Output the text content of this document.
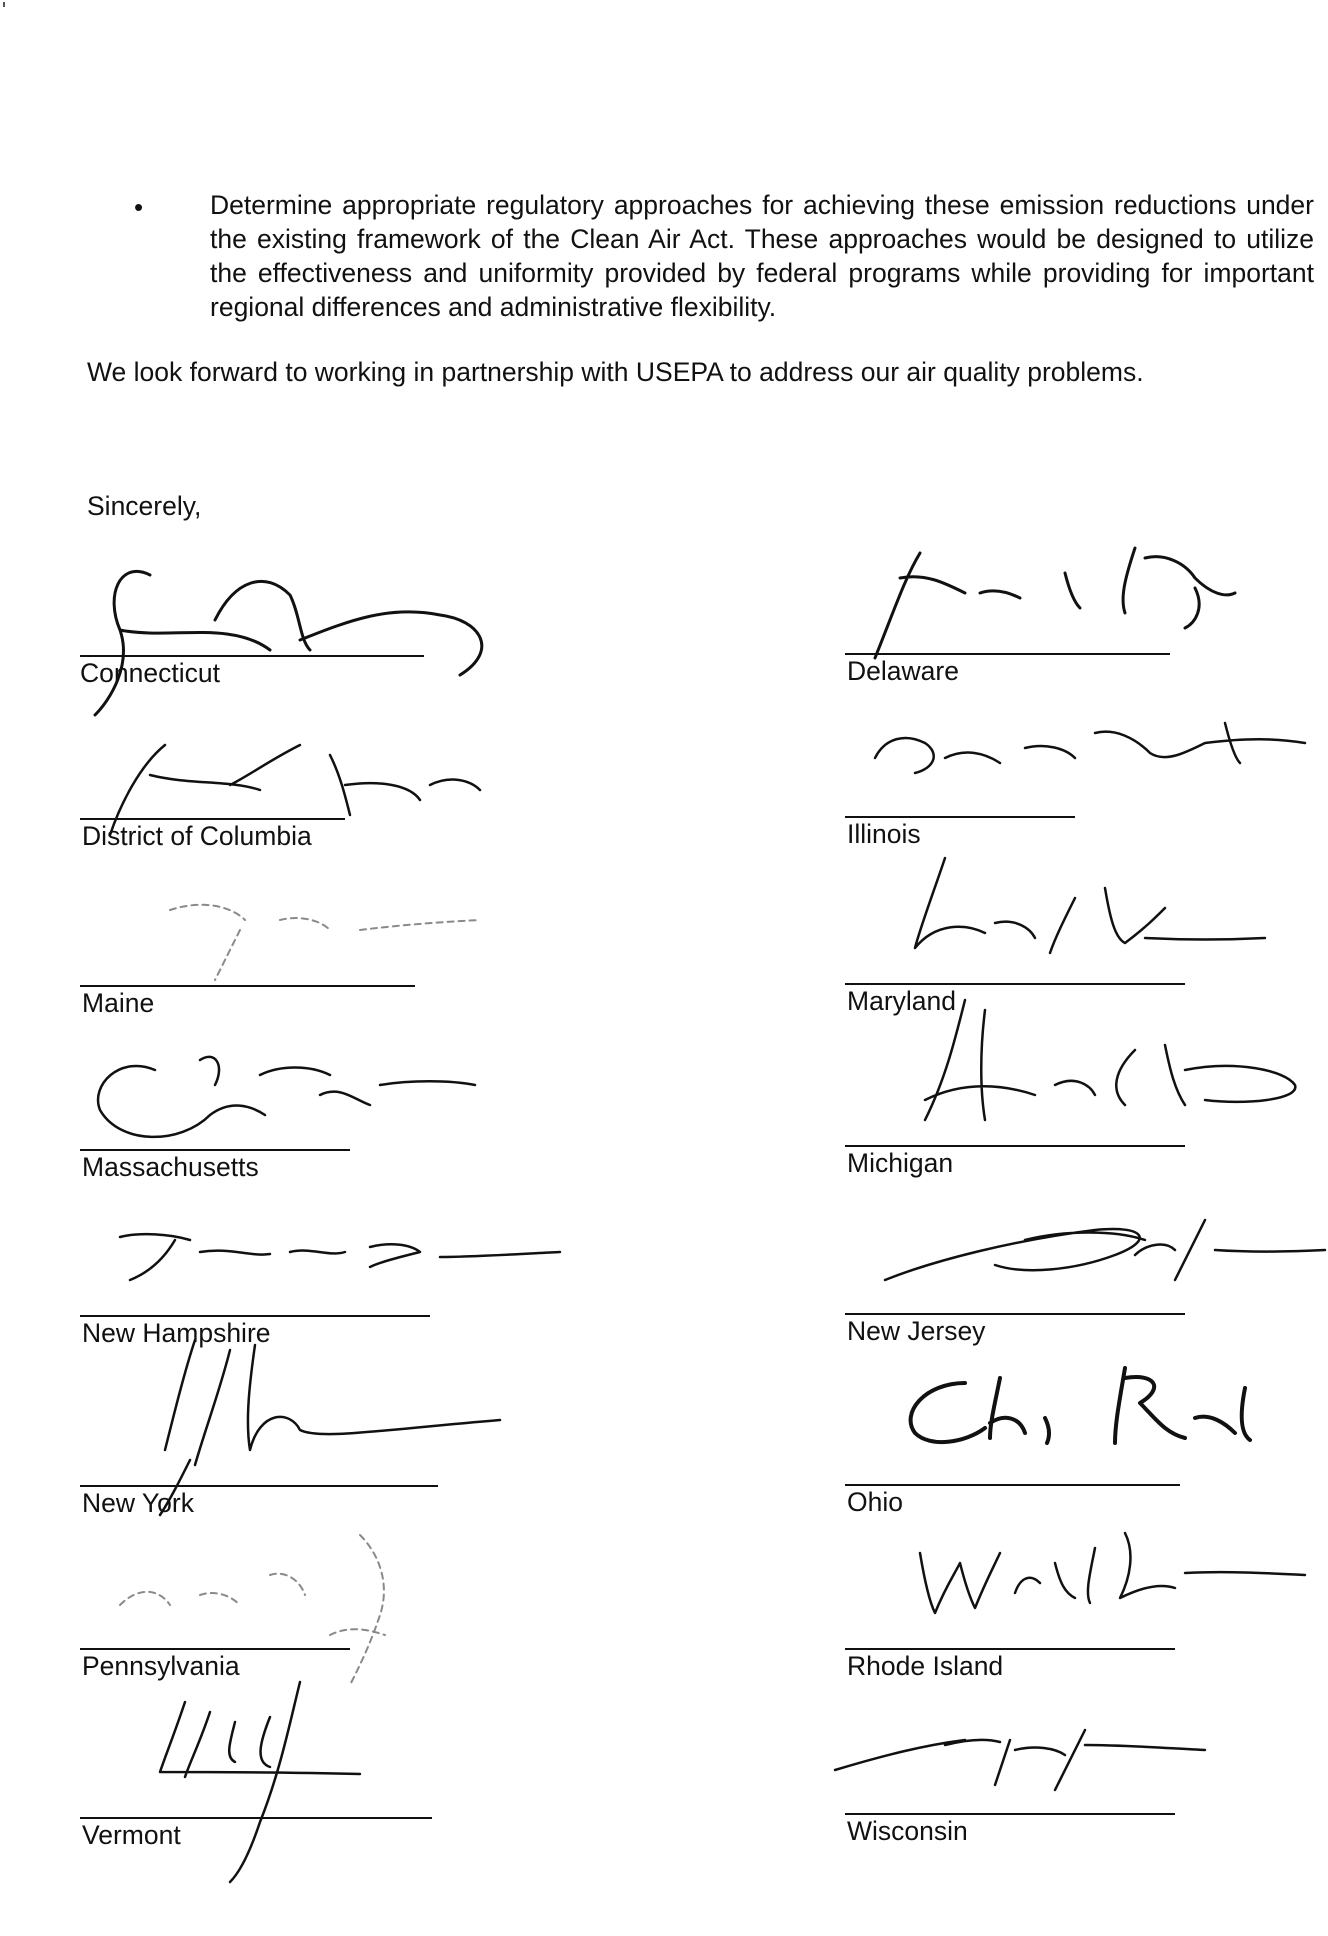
•	Determine appropriate regulatory approaches for achieving these emission reductions under the existing framework of the Clean Air Act. These approaches would be designed to utilize the effectiveness and uniformity provided by federal programs while providing for important regional differences and administrative flexibility.
We look forward to working in partnership with USEPA to address our air quality problems.
Sincerely,
Connecticut
District of Columbia
Maine
Massachusetts
New Hampshire
New York
Pennsylvania
Vermont
Delaware
Illinois
Maryland
Michigan
New Jersey
Ohio
Rhode Island
Wisconsin
